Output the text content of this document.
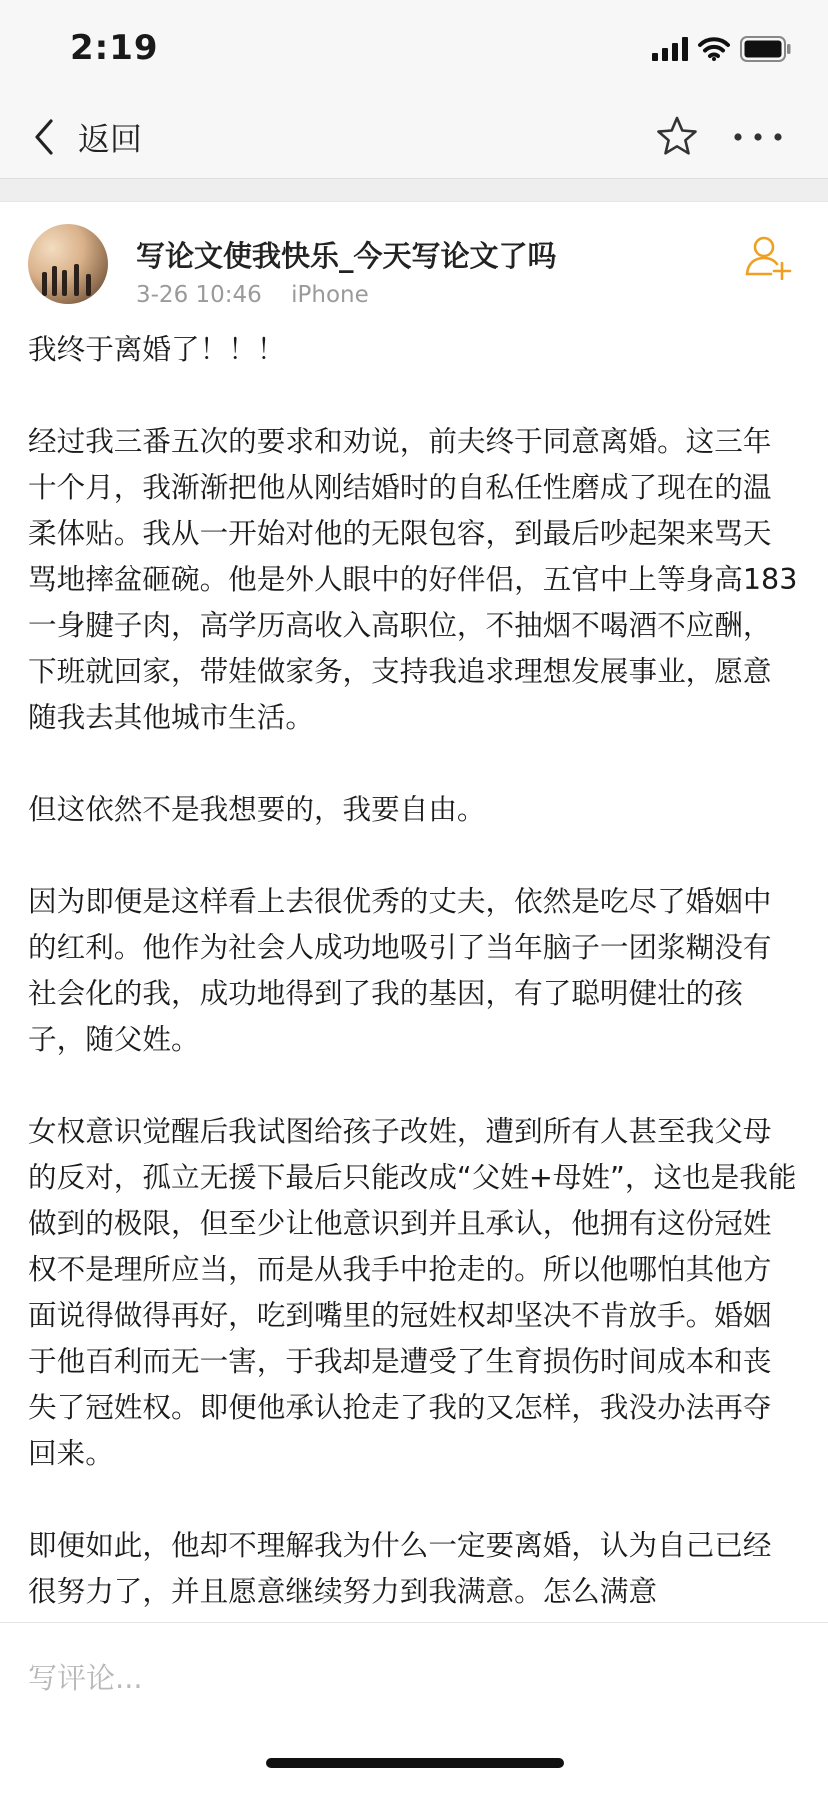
2:19
返回
写论文使我快乐_今天写论文了吗
3-26 10:46 iPhone

我终于离婚了！！！

经过我三番五次的要求和劝说，前夫终于同意离婚。这三年十个月，我渐渐把他从刚结婚时的自私任性磨成了现在的温柔体贴。我从一开始对他的无限包容，到最后吵起架来骂天骂地摔盆砸碗。他是外人眼中的好伴侣，五官中上等身高183一身腱子肉，高学历高收入高职位，不抽烟不喝酒不应酬，下班就回家，带娃做家务，支持我追求理想发展事业，愿意随我去其他城市生活。

但这依然不是我想要的，我要自由。

因为即便是这样看上去很优秀的丈夫，依然是吃尽了婚姻中的红利。他作为社会人成功地吸引了当年脑子一团浆糊没有社会化的我，成功地得到了我的基因，有了聪明健壮的孩子，随父姓。

女权意识觉醒后我试图给孩子改姓，遭到所有人甚至我父母的反对，孤立无援下最后只能改成“父姓+母姓”，这也是我能做到的极限，但至少让他意识到并且承认，他拥有这份冠姓权不是理所应当，而是从我手中抢走的。所以他哪怕其他方面说得做得再好，吃到嘴里的冠姓权却坚决不肯放手。婚姻于他百利而无一害，于我却是遭受了生育损伤时间成本和丧失了冠姓权。即便他承认抢走了我的又怎样，我没办法再夺回来。

即便如此，他却不理解我为什么一定要离婚，认为自己已经很努力了，并且愿意继续努力到我满意。怎么满意

写评论...
